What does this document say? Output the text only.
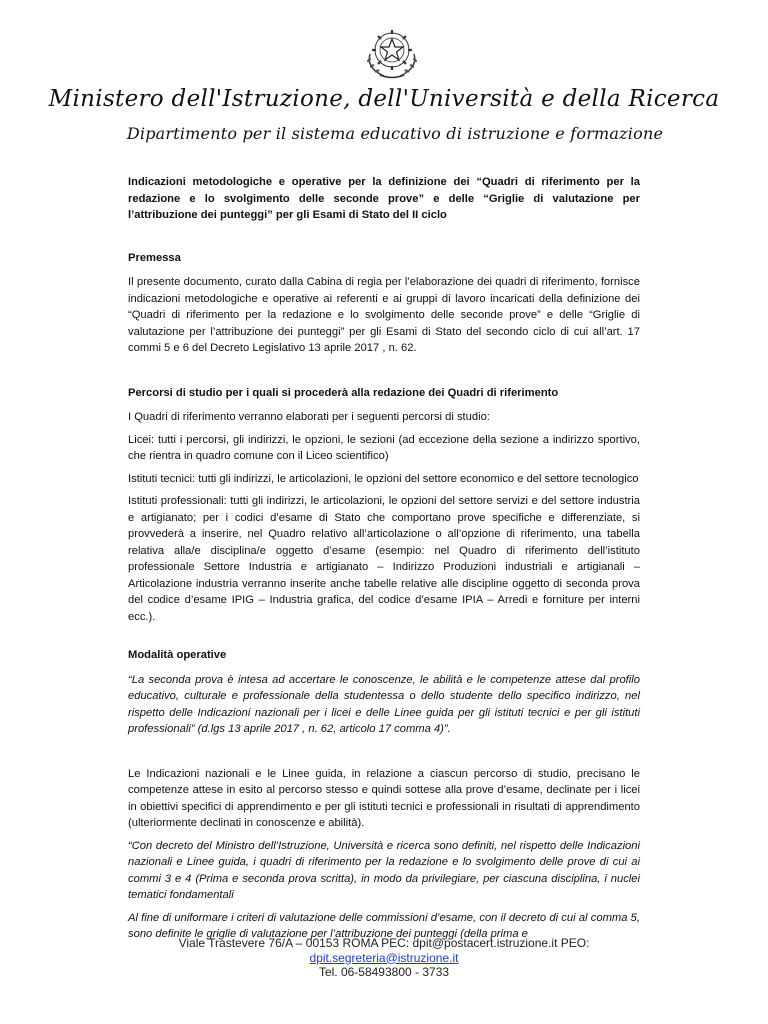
Ministero dell'Istruzione, dell'Università e della Ricerca
Dipartimento per il sistema educativo di istruzione e formazione

Indicazioni metodologiche e operative per la definizione dei “Quadri di riferimento per la redazione e lo svolgimento delle seconde prove” e delle “Griglie di valutazione per l’attribuzione dei punteggi” per gli Esami di Stato del II ciclo

Premessa

Il presente documento, curato dalla Cabina di regia per l’elaborazione dei quadri di riferimento, fornisce indicazioni metodologiche e operative ai referenti e ai gruppi di lavoro incaricati della definizione dei “Quadri di riferimento per la redazione e lo svolgimento delle seconde prove” e delle “Griglie di valutazione per l’attribuzione dei punteggi” per gli Esami di Stato del secondo ciclo di cui all’art. 17 commi 5 e 6 del Decreto Legislativo 13 aprile 2017 , n. 62.

Percorsi di studio per i quali si procederà alla redazione dei Quadri di riferimento

I Quadri di riferimento verranno elaborati per i seguenti percorsi di studio:

Licei: tutti i percorsi, gli indirizzi, le opzioni, le sezioni (ad eccezione della sezione a indirizzo sportivo, che rientra in quadro comune con il Liceo scientifico)

Istituti tecnici: tutti gli indirizzi, le articolazioni, le opzioni del settore economico e del settore tecnologico

Istituti professionali: tutti gli indirizzi, le articolazioni, le opzioni del settore servizi e del settore industria e artigianato; per i codici d’esame di Stato che comportano prove specifiche e differenziate, si provvederà a inserire, nel Quadro relativo all’articolazione o all’opzione di riferimento, una tabella relativa alla/e disciplina/e oggetto d’esame (esempio: nel Quadro di riferimento dell’istituto professionale Settore Industria e artigianato – Indirizzo Produzioni industriali e artigianali – Articolazione industria verranno inserite anche tabelle relative alle discipline oggetto di seconda prova del codice d’esame IPIG – Industria grafica, del codice d’esame IPIA – Arredi e forniture per interni ecc.).

Modalità operative

“La seconda prova è intesa ad accertare le conoscenze, le abilità e le competenze attese dal profilo educativo, culturale e professionale della studentessa o dello studente dello specifico indirizzo, nel rispetto delle Indicazioni nazionali per i licei e delle Linee guida per gli istituti tecnici e per gli istituti professionali” (d.lgs 13 aprile 2017 , n. 62, articolo 17 comma 4)”.

Le Indicazioni nazionali e le Linee guida, in relazione a ciascun percorso di studio, precisano le competenze attese in esito al percorso stesso e quindi sottese alla prove d’esame, declinate per i licei in obiettivi specifici di apprendimento e per gli istituti tecnici e professionali in risultati di apprendimento (ulteriormente declinati in conoscenze e abilità).

“Con decreto del Ministro dell’Istruzione, Università e ricerca sono definiti, nel rispetto delle Indicazioni nazionali e Linee guida, i quadri di riferimento per la redazione e lo svolgimento delle prove di cui ai commi 3 e 4 (Prima e seconda prova scritta), in modo da privilegiare, per ciascuna disciplina, i nuclei tematici fondamentali

Al fine di uniformare i criteri di valutazione delle commissioni d’esame, con il decreto di cui al comma 5, sono definite le griglie di valutazione per l’attribuzione dei punteggi (della prima e

Viale Trastevere 76/A – 00153 ROMA PEC: dpit@postacert.istruzione.it PEO:
dpit.segreteria@istruzione.it
Tel. 06-58493800 - 3733
